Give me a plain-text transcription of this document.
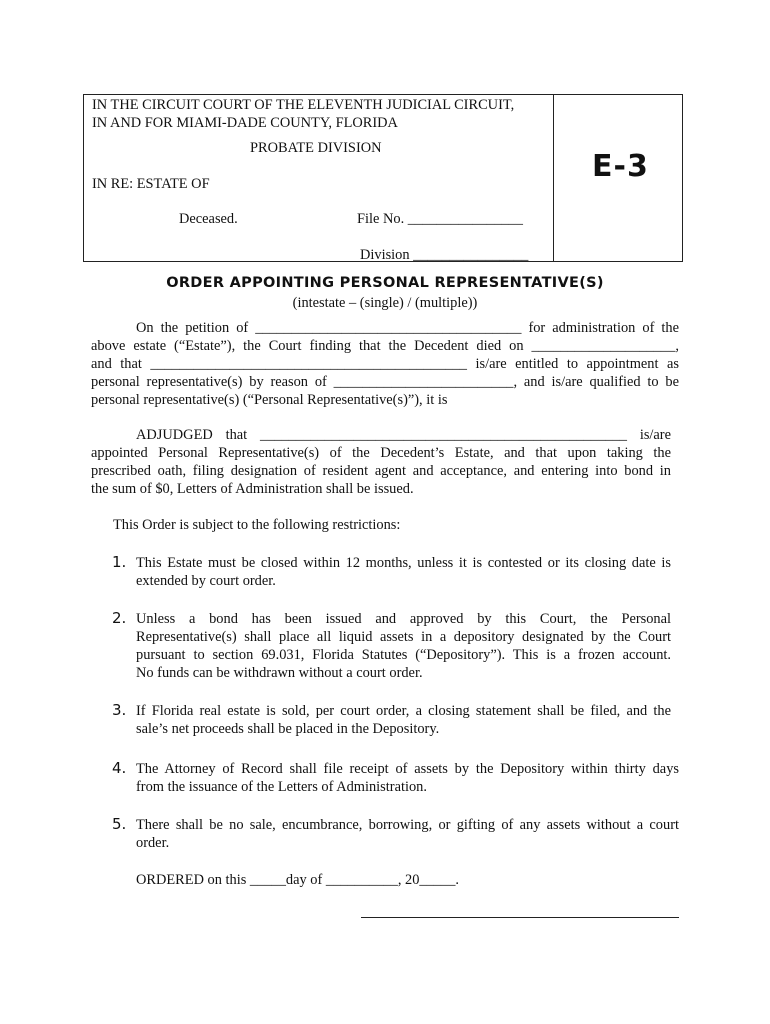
IN THE CIRCUIT COURT OF THE ELEVENTH JUDICIAL CIRCUIT,
IN AND FOR MIAMI-DADE COUNTY, FLORIDA
PROBATE DIVISION
IN RE: ESTATE OF
Deceased.	File No. ________________
Division ________________
E-3
ORDER APPOINTING PERSONAL REPRESENTATIVE(S)
(intestate – (single) / (multiple))
On the petition of _____________________________________ for administration of the
above estate (“Estate”), the Court finding that the Decedent died on ____________________,
and that ____________________________________________ is/are entitled to appointment as
personal representative(s) by reason of _________________________, and is/are qualified to be
personal representative(s) (“Personal Representative(s)”), it is
ADJUDGED that ___________________________________________________ is/are
appointed Personal Representative(s) of the Decedent’s Estate, and that upon taking the
prescribed oath, filing designation of resident agent and acceptance, and entering into bond in
the sum of $0, Letters of Administration shall be issued.
This Order is subject to the following restrictions:
1. This Estate must be closed within 12 months, unless it is contested or its closing date is
extended by court order.
2. Unless a bond has been issued and approved by this Court, the Personal
Representative(s) shall place all liquid assets in a depository designated by the Court
pursuant to section 69.031, Florida Statutes (“Depository”). This is a frozen account.
No funds can be withdrawn without a court order.
3. If Florida real estate is sold, per court order, a closing statement shall be filed, and the
sale’s net proceeds shall be placed in the Depository.
4. The Attorney of Record shall file receipt of assets by the Depository within thirty days
from the issuance of the Letters of Administration.
5. There shall be no sale, encumbrance, borrowing, or gifting of any assets without a court
order.
ORDERED on this _____day of __________, 20_____.
